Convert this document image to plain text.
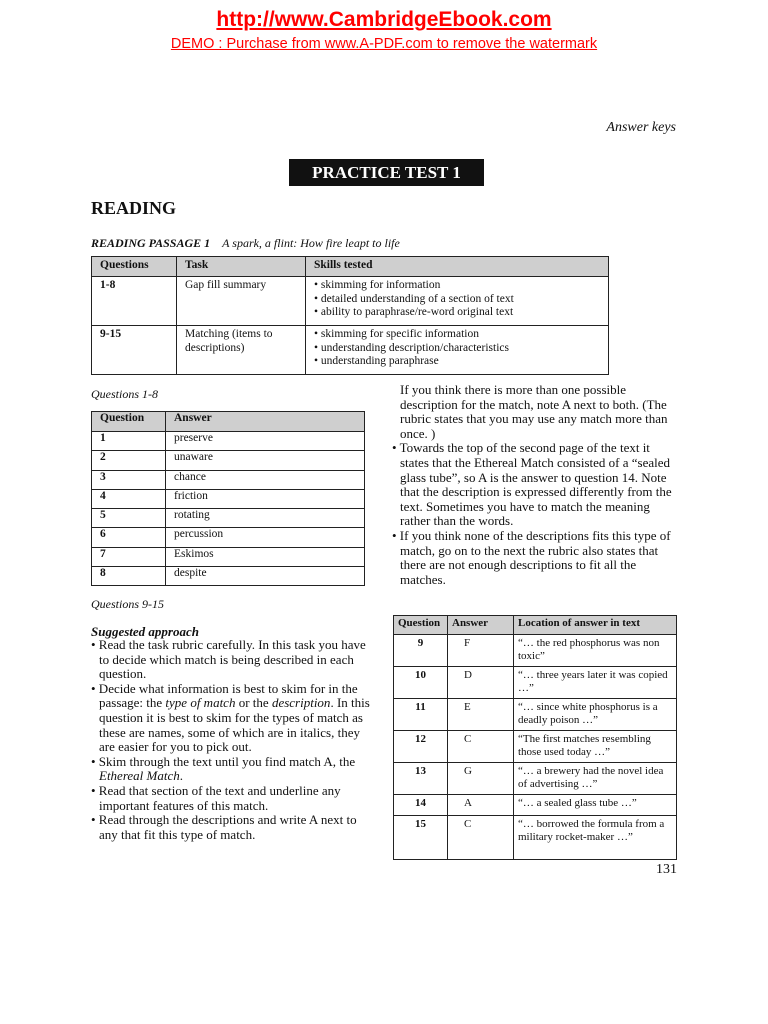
http://www.CambridgeEbook.com
DEMO : Purchase from www.A-PDF.com to remove the watermark
Answer keys
PRACTICE TEST 1
READING
READING PASSAGE 1 A spark, a flint: How fire leapt to life
Questions	Task	Skills tested
1-8	Gap fill summary	• skimming for information
• detailed understanding of a section of text
• ability to paraphrase/re-word original text

9-15	Matching (items to descriptions)	• skimming for specific information
• understanding description/characteristics
• understanding paraphrase
Questions 1-8
Question	Answer
1	preserve
2	unaware
3	chance
4	friction
5	rotating
6	percussion
7	Eskimos
8	despite
Questions 9-15
Suggested approach

• Read the task rubric carefully. In this task you have to decide which match is being described in each question.

• Decide what information is best to skim for in the passage: the type of match or the description. In this question it is best to skim for the types of match as these are names, some of which are in italics, they are easier for you to pick out.

• Skim through the text until you find match A, the Ethereal Match.

• Read that section of the text and underline any important features of this match.

• Read through the descriptions and write A next to any that fit this type of match.

If you think there is more than one possible description for the match, note A next to both. (The rubric states that you may use any match more than once. )

• Towards the top of the second page of the text it states that the Ethereal Match consisted of a “sealed glass tube”, so A is the answer to question 14. Note that the description is expressed differently from the text. Sometimes you have to match the meaning rather than the words.

• If you think none of the descriptions fits this type of match, go on to the next the rubric also states that there are not enough descriptions to fit all the matches.

Question	Answer	Location of answer in text
9	F	“… the red phosphorus was non toxic”
10	D	“… three years later it was copied …”
11	E	“… since white phosphorus is a deadly poison …”
12	C	“The first matches resembling those used today …”
13	G	“… a brewery had the novel idea of advertising …”
14	A	“… a sealed glass tube …”
15	C	“… borrowed the formula from a military rocket-maker …”
131
